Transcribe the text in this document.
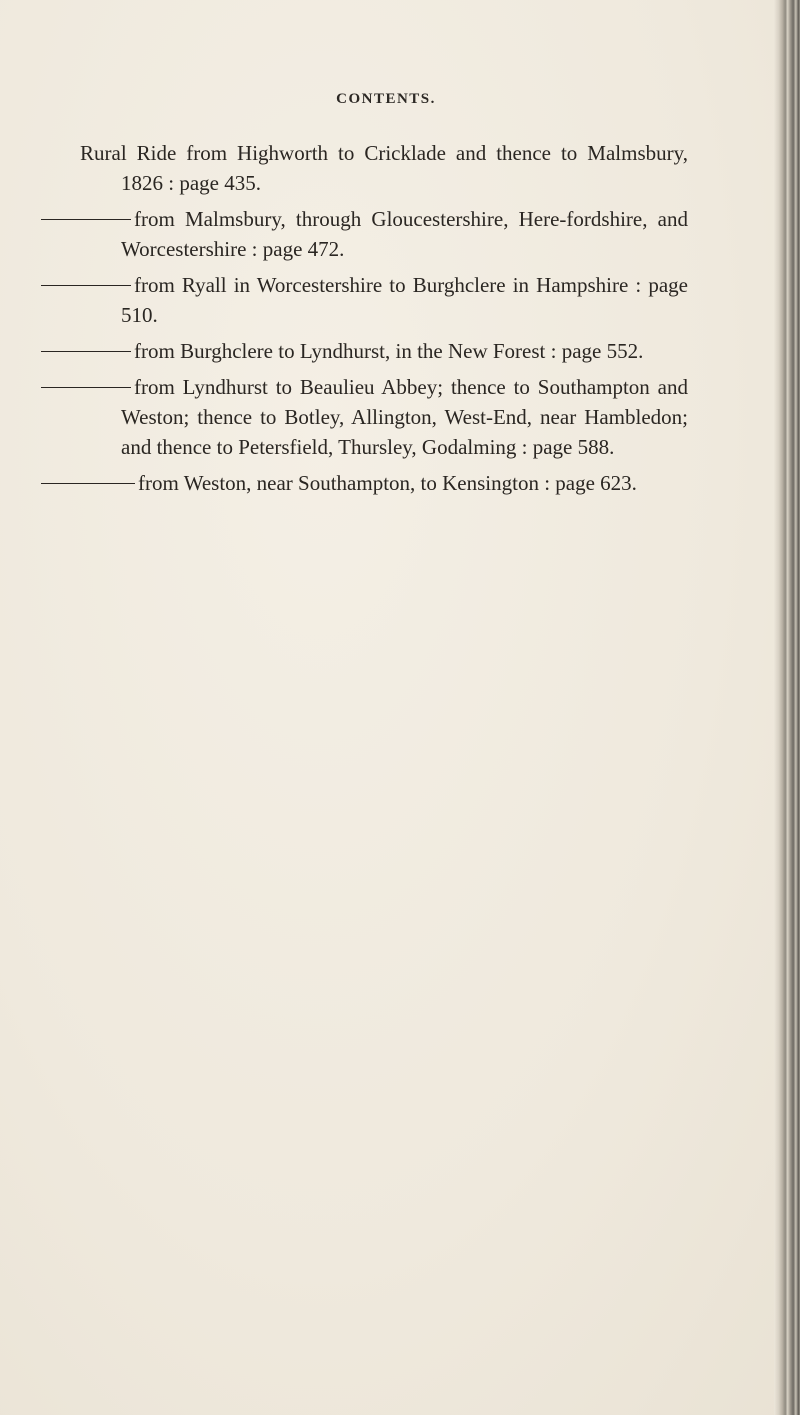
CONTENTS.
Rural Ride from Highworth to Cricklade and thence to Malmsbury, 1826 : page 435.
from Malmsbury, through Gloucestershire, Here-fordshire, and Worcestershire : page 472.
from Ryall in Worcestershire to Burghclere in Hampshire : page 510.
from Burghclere to Lyndhurst, in the New Forest : page 552.
from Lyndhurst to Beaulieu Abbey; thence to Southampton and Weston; thence to Botley, Allington, West-End, near Hambledon; and thence to Petersfield, Thursley, Godalming : page 588.
from Weston, near Southampton, to Kensington : page 623.
